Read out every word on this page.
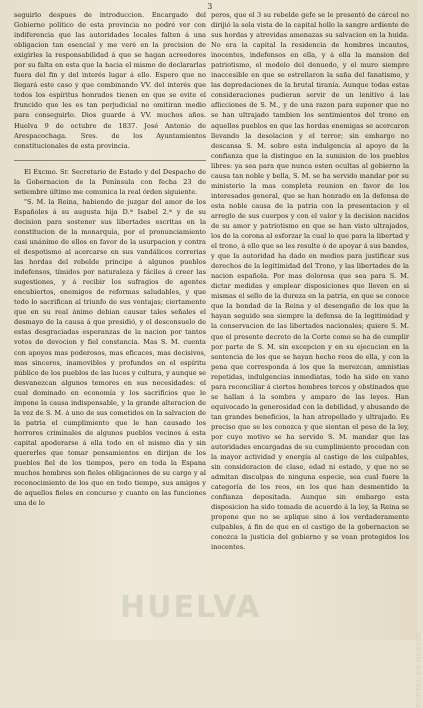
3

seguirlo despues de introduccion. Encargado del Gobierno político de esta provincia no podré ver con indiferencia que las autoridades locales falten á una obligacion tan esencial y me veré en la precision de exigirles la responsabilidad á que se hagan acreedores por su falta en esta que la hacia el mismo de declararlas fuera del fin y del interés lugar á ello. Espero que no llegará este caso y que combinando VV. del interés que todos los espíritus honrados tienen en que se evite el fruncido que les es tan perjudicial no omitiran medio para conseguirlo. Dios guarde á VV. muchos años. Huelva 9 de octubre de 1837. José Antonio de Arespacochaga. Sres. de los Ayuntamientos constitucionales de esta provincia.

El Excmo. Sr. Secretario de Estado y del Despacho de la Gobernacion de la Península con fecha 23 de setiembre último me comunica la real órden siguiente.

"S. M. la Reina, habiendo de juzgar del amor de los Españoles á su augusta hija D.ª Isabel 2.ª y de su decision para sostener sus libertades escritas en la constitucion de la monarquía, por el pronunciamiento casi unánime de ellos en favor de la usurpacion y contra el despotismo al acercarse en sus vandálicos correrias las hordas del rebelde principe á algunos pueblos indefensos, tímidos por naturaleza y fáciles á creer las sugestiones, y á recibir los sufragios de agentes encubiertos, enemigos de reformas saludables, y que todo lo sacrifican al triunfo de sus ventajas; ciertamente que en su real ánimo debian causar tales señales el desmayo de la causa á que presidió, y el desconsuelo de estas desgraciadas esperanzas de la nacion por tantos votos de devocion y fiel constancia. Mas S. M. cuenta con apoyos mas poderosos, mas eficaces, mas decisivos, mas sinceros, inamovibles y profundos en el espíritu público de los pueblos de las luces y cultura, y aunque se desvanezcan algunos temores en sus necesidades: el cual dominado en economía y los sacrificios que le impone la causa indispensable, y la grande alteracion de la vez de S. M. á uno de sus cometidos en la salvacion de la patria el cumplimiento que le han causado los horrores criminales de algunos pueblos vecinos á esta capital apoderarse á ella todo en el mismo dia y sin quererles que tomar pensamientos en dirijan de los pueblos fiel de los tiempos, pero en toda la Espana muchos hombres son fieles obligaciones de su cargo y al reconocimiento de los que en todo tiempo, sus amigos y de aquellos fieles en concurso y cuanto en las funciones una de lo

peros, que el 3 su rebelde gefe se le presentó de cárcel no dirijió la sola vista de la capital hollo la sangre ardiente de sus hordas y atrevidas amenazas su salvacion en la huida. No era la capital la residencia de hombres incautos, inocentes, indefensos en ella, y á ella la mansion del patriotismo, el modelo del denuedo, y el muro siempre inaccesible en que se estrellaron la saña del fanatismo, y las depredaciones de la brutal tiranía. Aunque todas estas consideraciones pudieran servir de un lenitivo á las aflicciones de S. M., y de una razon para suponer que no se han ultrajado tambien los sentimientos del trono en aquellos pueblos en que las hordas enemigas se acercaron llevando la desolacion y el terror; sin embargo no descansa S. M. sobre esta indulgencia al apoyo de la confianza que la distingue en la sumision de los pueblos libres: ya sea para que nunca esten ocultas al gobierno la causa tan noble y bella, S. M. se ha servido mandar por su ministerio la mas completa reunion en favor de los interesados general, que se han honrado en la defensa de esta noble causa de la patria con la presentacion y el arreglo de sus cuerpos y con el valor y la decision nacidos de su amor y patriotismo en que se han visto ultrajados, los de la corona al esforzar la cual lo que para la libertad y el trono, á ello que se les resulte ó de apoyar á sus bandos, y que la autoridad ha dado en medios para justificar sus derechos de la legitimidad del Trono, y las libertades de la nacion española. Por mas dolorosa que sea para S. M. dictar medidas y emplear disposiciones que lleven en si mismas el sello de la dureza en la patria, en que se conoce que la bondad de la Reina y el desengaño de los que la hayan seguido sea siempre la defensa de la legitimidad y la conservacion de las libertades nacionales; quiere S. M. que el presente decreto de la Corte como se ha de cumplir por parte de S. M. sin excepcion y en su ejecucion en la sentencia de los que se hayan hecho reos de ella, y con la pena que corresponda á los que la merezcan, amnistias repetidas, indulgencias inmediatas, todo ha sido en vano para reconciliar á ciertos hombres tercos y obstinados que se hallan á la sombra y amparo de las leyes. Han equivocado la generosidad con la debilidad, y abusando de tan grandes beneficios, la han atropellado y ultrajado. Es preciso que se les conozca y que sientan el peso de la ley, por cuyo motivo se ha servido S. M. mandar que las autoridades encargadas de su cumplimiento procedan con la mayor actividad y energía al castigo de los culpables, sin consideracion de clase, edad ni estado, y que no se admitan disculpas de ninguna especie, sea cual fuere la categoría de los reos, en los que han desmentido la confianza depositada. Aunque sin embargo esta disposicion ha sido tomada de acuerdo á la ley, la Reina se propone que no se aplique sino á los verdaderamente culpables, á fin de que en el castigo de la gobernacion se conozca la justicia del gobierno y se vean protegidos los inocentes.

HUELVA
PORTAL DE HUELVA
